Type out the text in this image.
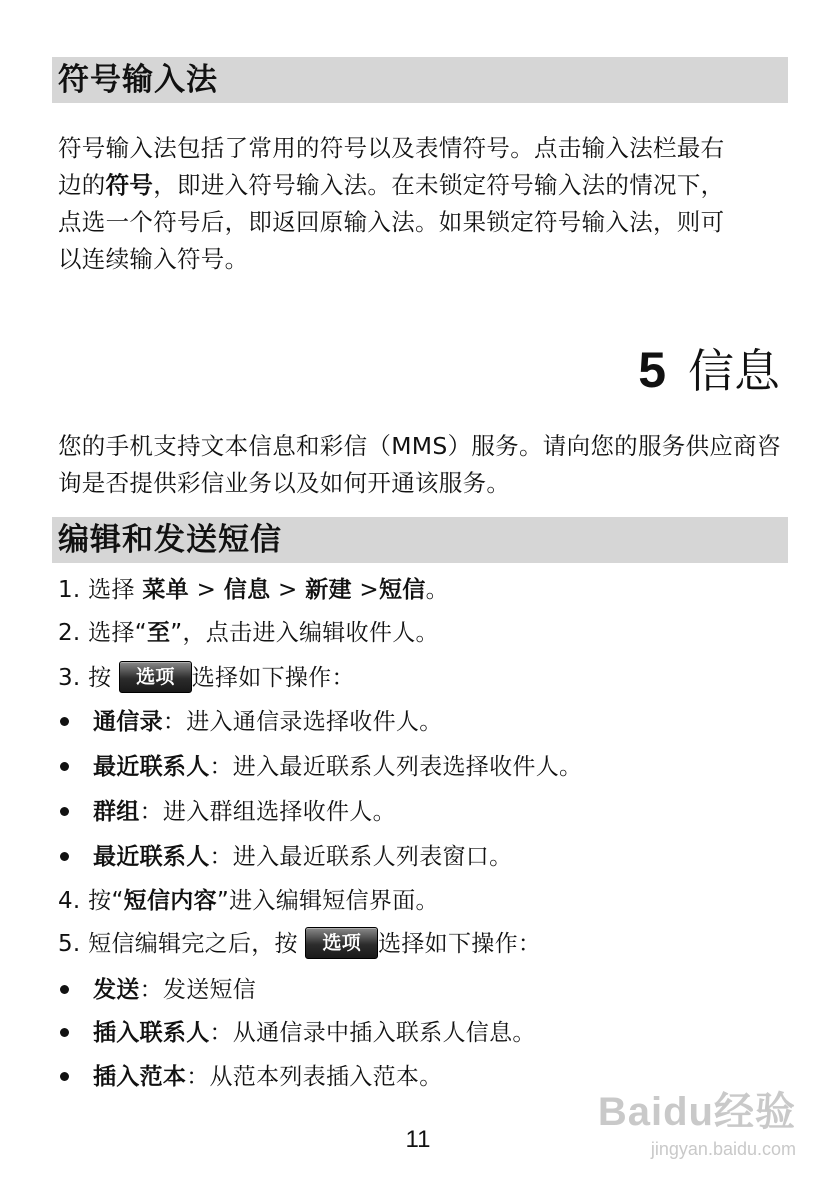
符号输入法
符号输入法包括了常用的符号以及表情符号。点击输入法栏最右
边的符号，即进入符号输入法。在未锁定符号输入法的情况下，
点选一个符号后，即返回原输入法。如果锁定符号输入法，则可
以连续输入符号。
5 信息
您的手机支持文本信息和彩信（MMS）服务。请向您的服务供应商咨询是否提供彩信业务以及如何开通该服务。
编辑和发送短信
1. 选择 菜单 > 信息 > 新建 >短信。
2. 选择“至”，点击进入编辑收件人。
3. 按 选项 选择如下操作：
通信录：进入通信录选择收件人。
最近联系人：进入最近联系人列表选择收件人。
群组：进入群组选择收件人。
最近联系人：进入最近联系人列表窗口。
4. 按“短信内容”进入编辑短信界面。
5. 短信编辑完之后，按 选项 选择如下操作：
发送：发送短信
插入联系人：从通信录中插入联系人信息。
插入范本：从范本列表插入范本。
11
Baidu经验
jingyan.baidu.com
